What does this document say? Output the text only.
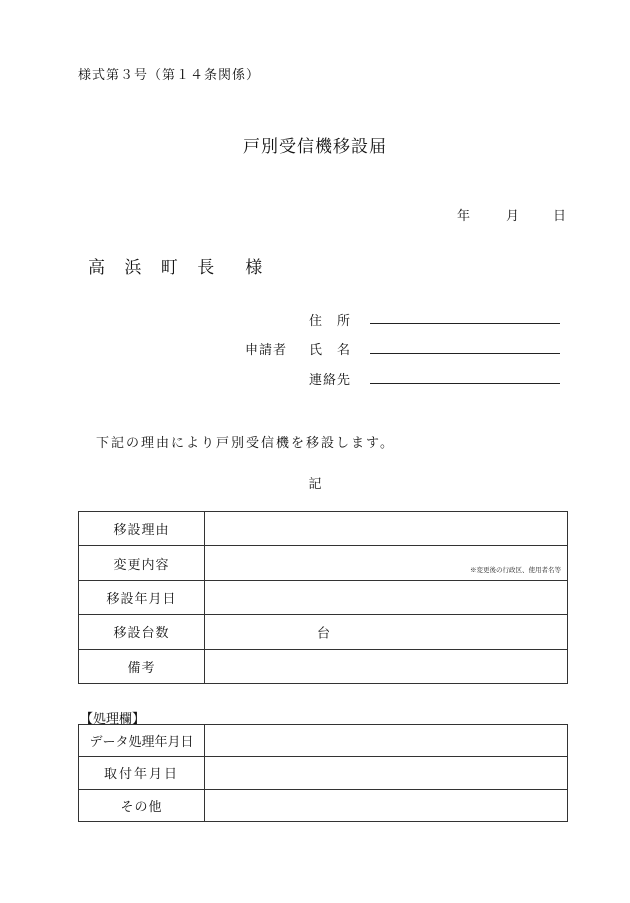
様式第３号（第１４条関係）
戸別受信機移設届
年	月	日
高 浜 町 長　様
申請者
住　所
氏　名
連絡先
下記の理由により戸別受信機を移設します。
記
移設理由	

変更内容	※変更後の行政区、使用者名等

移設年月日	

移設台数	台

備考	

【処理欄】
データ処理年月日	

取付年月日	

その他	
